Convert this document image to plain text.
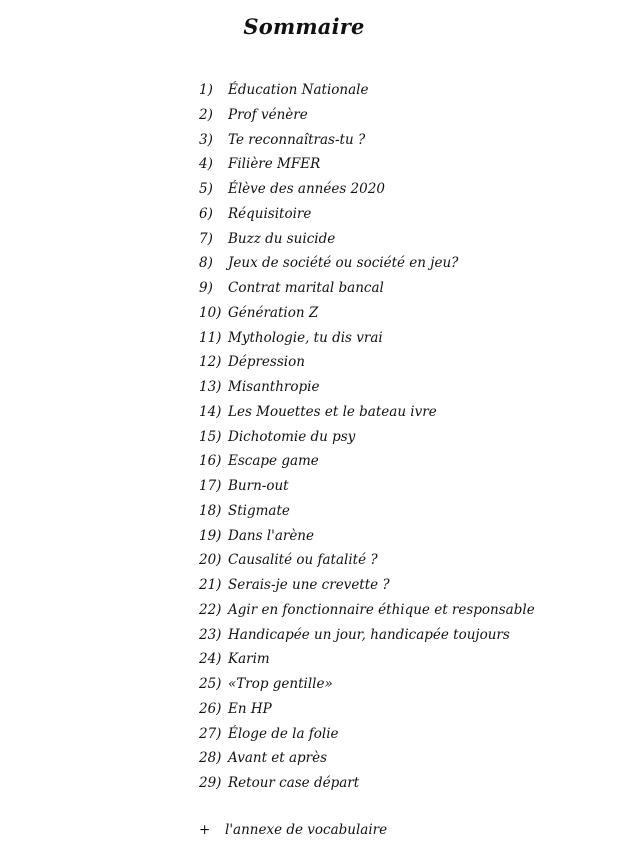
Sommaire
1) Éducation Nationale
2) Prof vénère
3) Te reconnaîtras-tu ?
4) Filière MFER
5) Élève des années 2020
6) Réquisitoire
7) Buzz du suicide
8) Jeux de société ou société en jeu?
9) Contrat marital bancal
10) Génération Z
11) Mythologie, tu dis vrai
12) Dépression
13) Misanthropie
14) Les Mouettes et le bateau ivre
15) Dichotomie du psy
16) Escape game
17) Burn-out
18) Stigmate
19) Dans l'arène
20) Causalité ou fatalité ?
21) Serais-je une crevette ?
22) Agir en fonctionnaire éthique et responsable
23) Handicapée un jour, handicapée toujours
24) Karim
25) «Trop gentille»
26) En HP
27) Éloge de la folie
28) Avant et après
29) Retour case départ
+ l'annexe de vocabulaire
